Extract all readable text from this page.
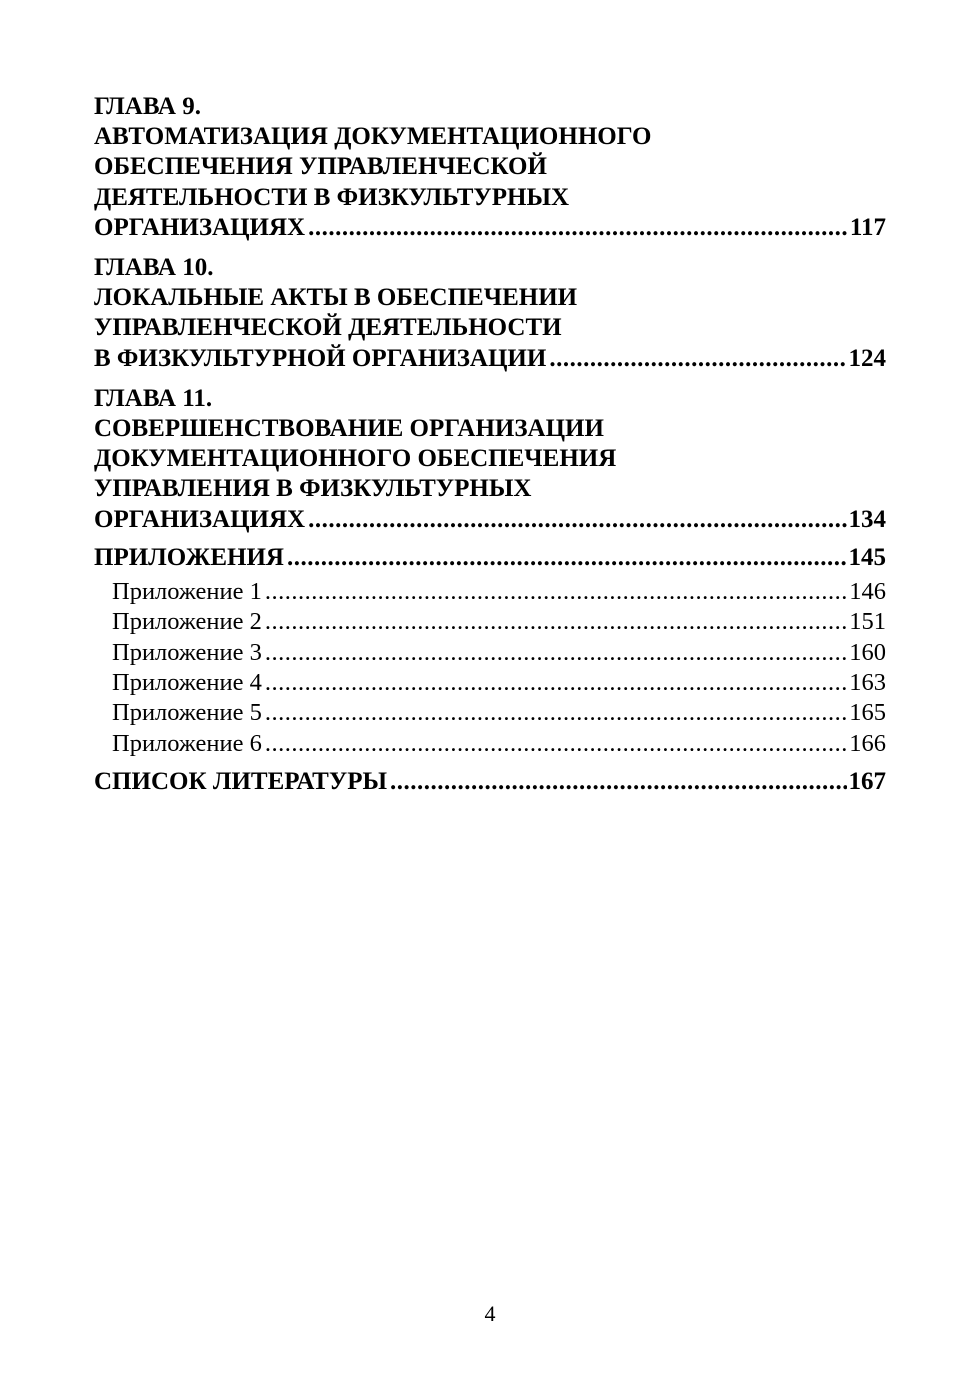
ГЛАВА 9.
АВТОМАТИЗАЦИЯ ДОКУМЕНТАЦИОННОГО
ОБЕСПЕЧЕНИЯ УПРАВЛЕНЧЕСКОЙ
ДЕЯТЕЛЬНОСТИ В ФИЗКУЛЬТУРНЫХ
ОРГАНИЗАЦИЯХ .....	117
ГЛАВА 10.
ЛОКАЛЬНЫЕ АКТЫ В ОБЕСПЕЧЕНИИ
УПРАВЛЕНЧЕСКОЙ ДЕЯТЕЛЬНОСТИ
В ФИЗКУЛЬТУРНОЙ ОРГАНИЗАЦИИ .....	124
ГЛАВА 11.
СОВЕРШЕНСТВОВАНИЕ ОРГАНИЗАЦИИ
ДОКУМЕНТАЦИОННОГО ОБЕСПЕЧЕНИЯ
УПРАВЛЕНИЯ В ФИЗКУЛЬТУРНЫХ
ОРГАНИЗАЦИЯХ .....	134
ПРИЛОЖЕНИЯ .....	145
Приложение 1 .....	146
Приложение 2 .....	151
Приложение 3 .....	160
Приложение 4 .....	163
Приложение 5 .....	165
Приложение 6 .....	166
СПИСОК ЛИТЕРАТУРЫ .....	167
4
